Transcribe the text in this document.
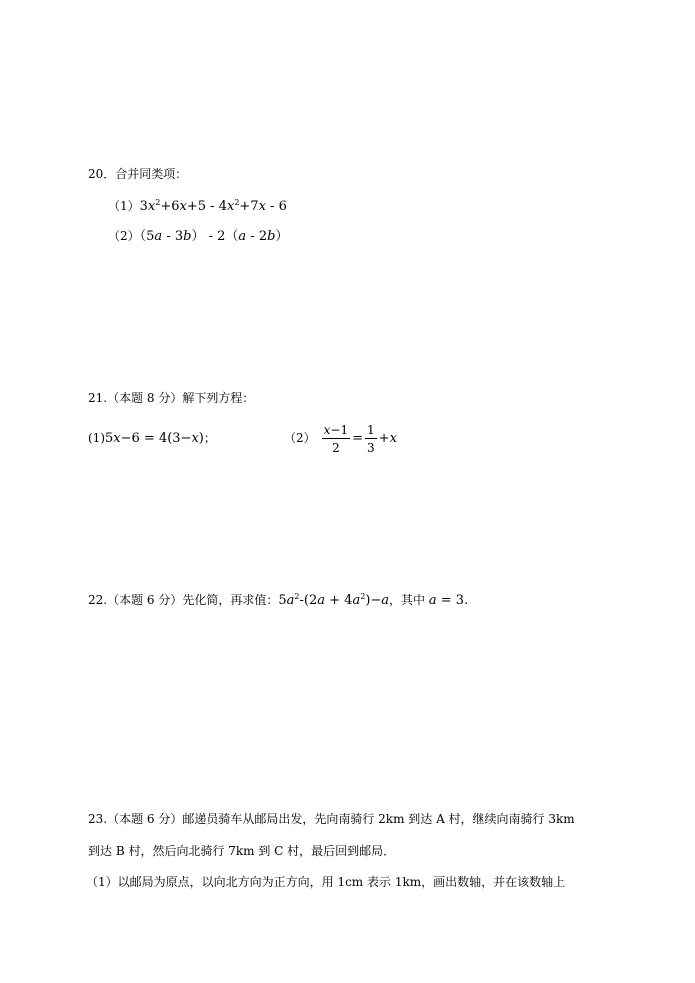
20．合并同类项：
$(1)3x^2+6x+5 - 4x^2+7x - 6$
（2）（5a - 3b） - 2（a - 2b）
21.（本题 8 分）解下列方程：
(1)5x−6 = 4(3−x)；	$(2) \frac{x-1}{2} = \frac{1}{3} +x$
22.（本题 6 分）先化简，再求值：$5a^2-(2a + 4a^2)-a$，其中 a = 3.
23.（本题 6 分）邮递员骑车从邮局出发，先向南骑行 2km 到达 A 村，继续向南骑行 3km
到达 B 村，然后向北骑行 7km 到 C 村，最后回到邮局．
（1）以邮局为原点，以向北方向为正方向，用 1cm 表示 1km，画出数轴，并在该数轴上
